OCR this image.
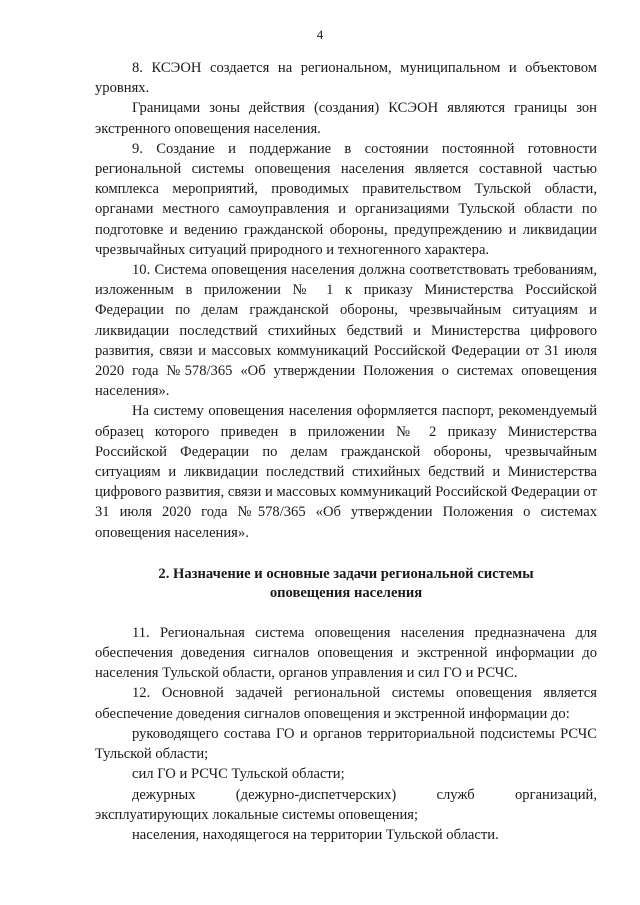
4

8. КСЭОН создается на региональном, муниципальном и объектовом уровнях.

Границами зоны действия (создания) КСЭОН являются границы зон экстренного оповещения населения.

9. Создание и поддержание в состоянии постоянной готовности региональной системы оповещения населения является составной частью комплекса мероприятий, проводимых правительством Тульской области, органами местного самоуправления и организациями Тульской области по подготовке и ведению гражданской обороны, предупреждению и ликвидации чрезвычайных ситуаций природного и техногенного характера.

10. Система оповещения населения должна соответствовать требованиям, изложенным в приложении № 1 к приказу Министерства Российской Федерации по делам гражданской обороны, чрезвычайным ситуациям и ликвидации последствий стихийных бедствий и Министерства цифрового развития, связи и массовых коммуникаций Российской Федерации от 31 июля 2020 года №578/365 «Об утверждении Положения о системах оповещения населения».

На систему оповещения населения оформляется паспорт, рекомендуемый образец которого приведен в приложении № 2 приказу Министерства Российской Федерации по делам гражданской обороны, чрезвычайным ситуациям и ликвидации последствий стихийных бедствий и Министерства цифрового развития, связи и массовых коммуникаций Российской Федерации от 31 июля 2020 года №578/365 «Об утверждении Положения о системах оповещения населения».

2. Назначение и основные задачи региональной системы
оповещения населения

11. Региональная система оповещения населения предназначена для обеспечения доведения сигналов оповещения и экстренной информации до населения Тульской области, органов управления и сил ГО и РСЧС.

12. Основной задачей региональной системы оповещения является обеспечение доведения сигналов оповещения и экстренной информации до:

руководящего состава ГО и органов территориальной подсистемы РСЧС Тульской области;

сил ГО и РСЧС Тульской области;

дежурных (дежурно-диспетчерских) служб организаций, эксплуатирующих локальные системы оповещения;

населения, находящегося на территории Тульской области.
